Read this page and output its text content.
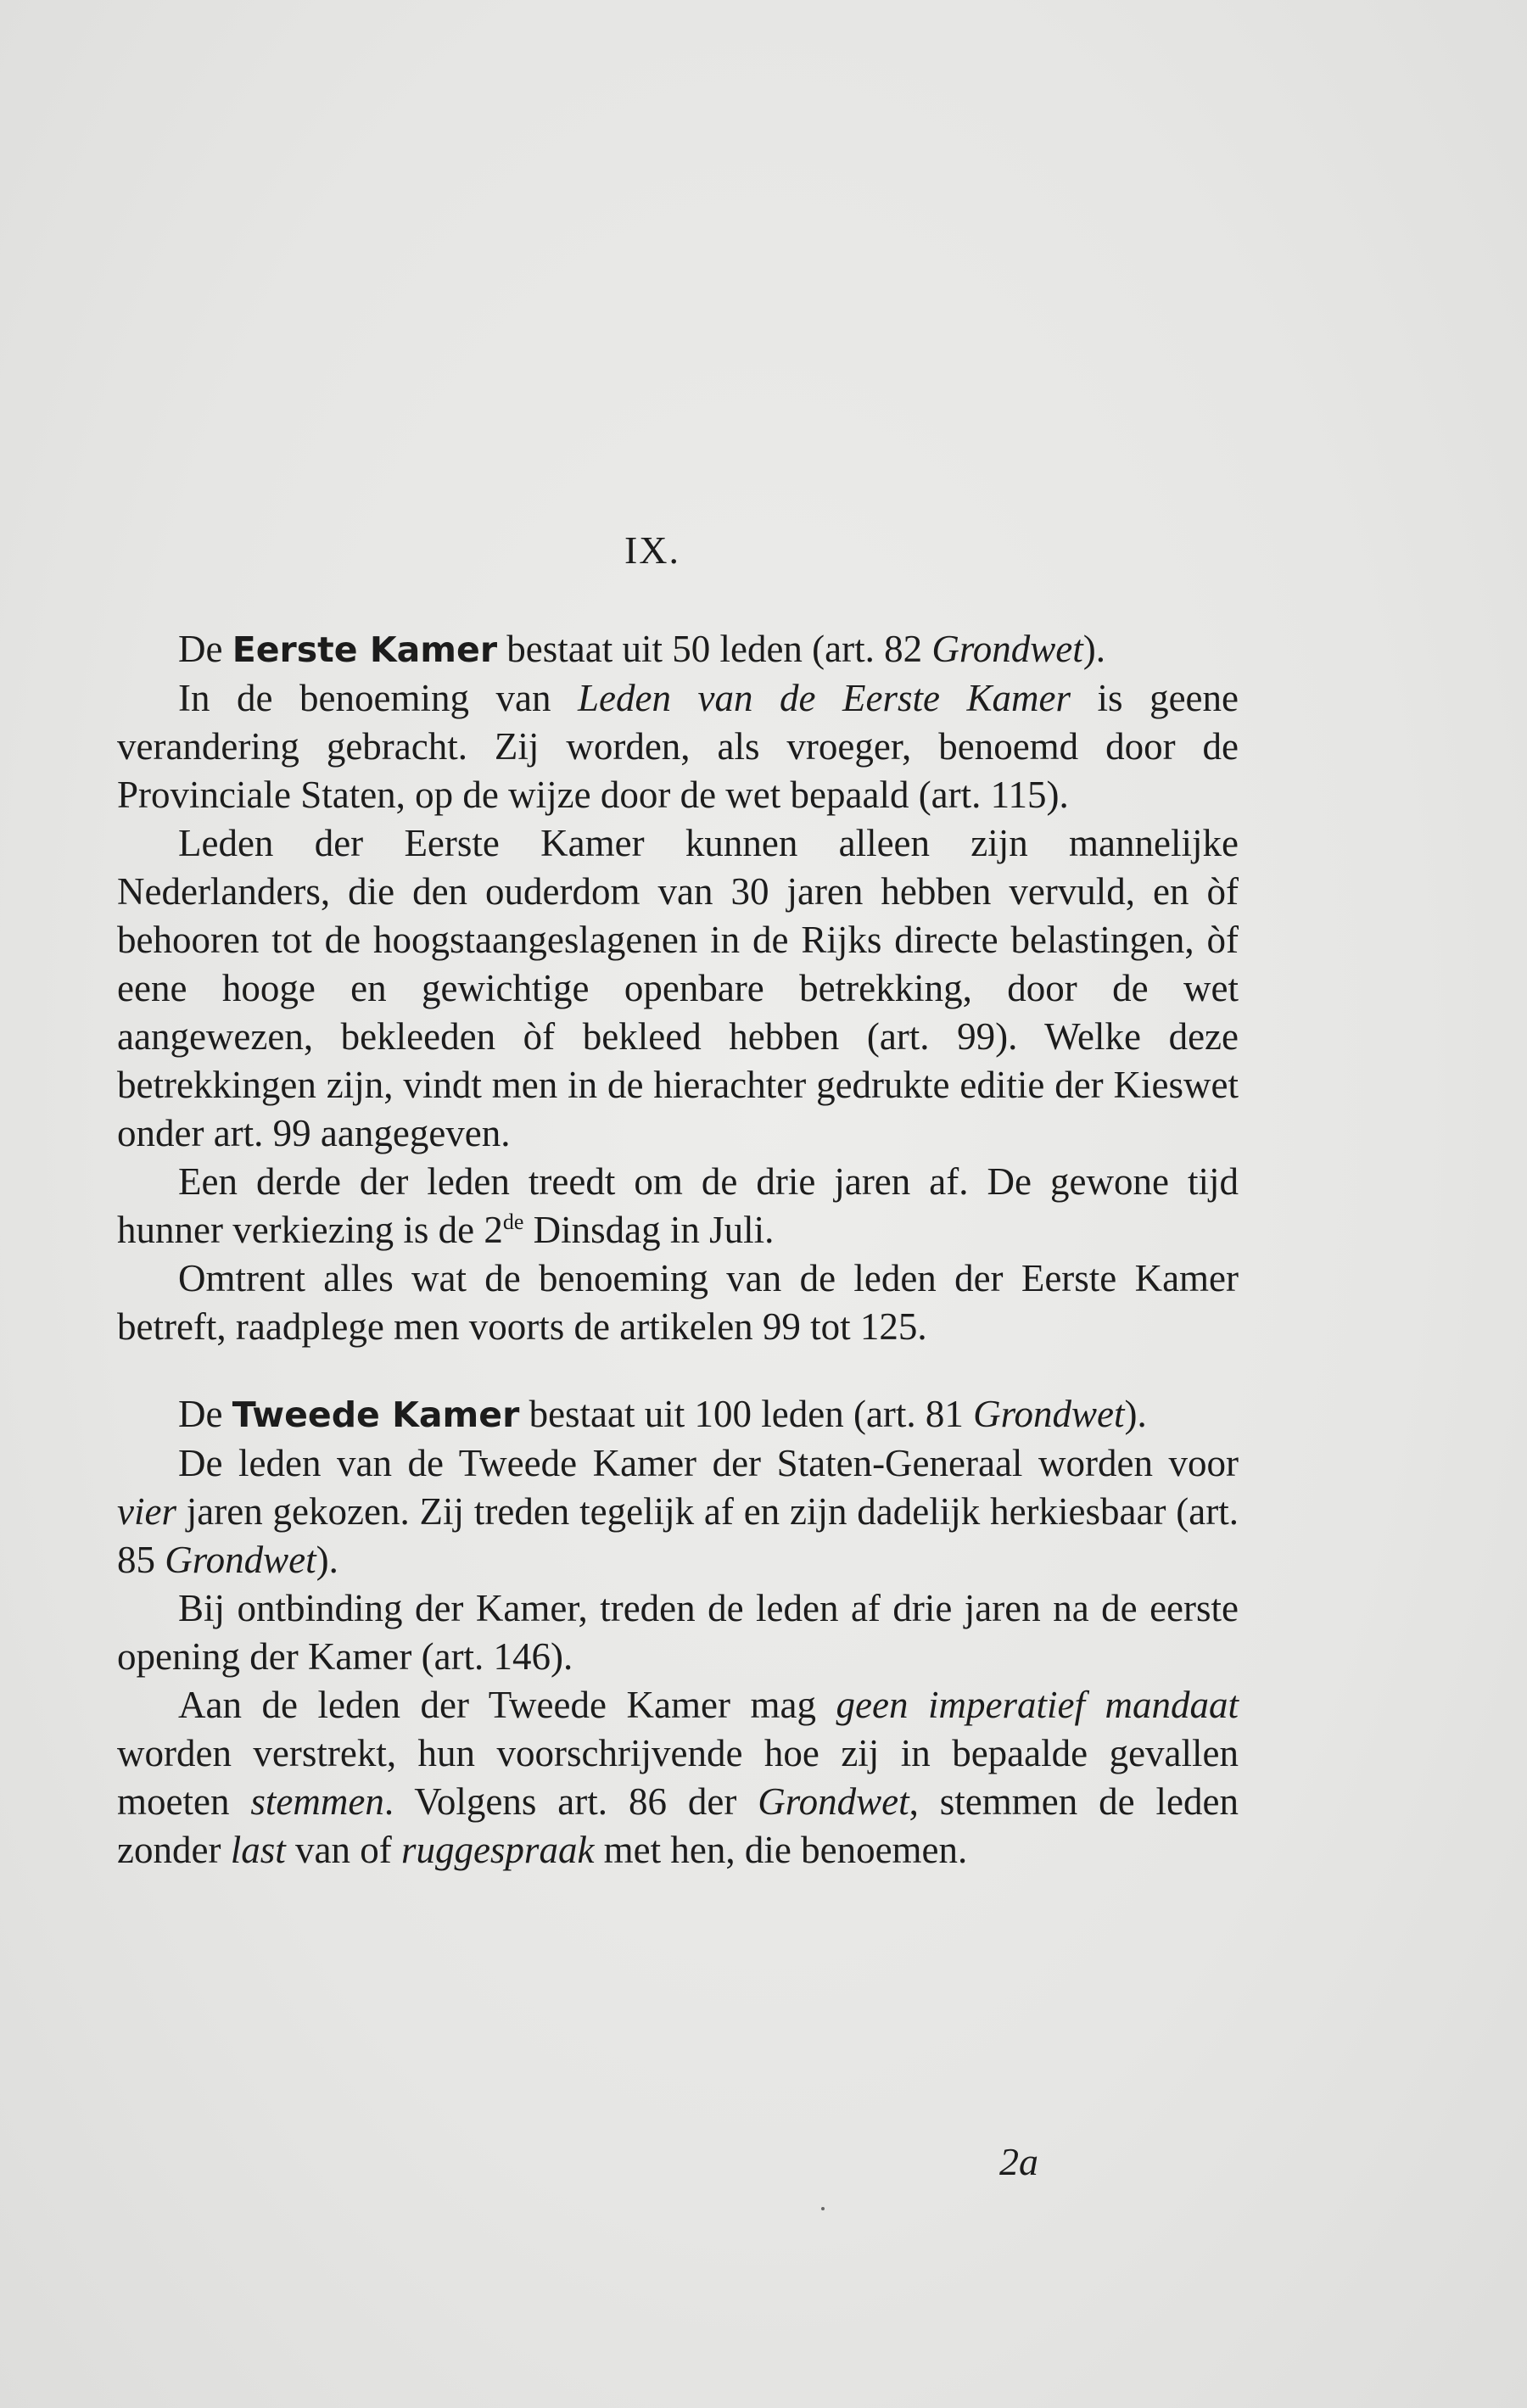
IX.

De Eerste Kamer bestaat uit 50 leden (art. 82 Grondwet).

In de benoeming van Leden van de Eerste Kamer is geene verandering gebracht. Zij worden, als vroeger, benoemd door de Provinciale Staten, op de wijze door de wet bepaald (art. 115).

Leden der Eerste Kamer kunnen alleen zijn mannelijke Nederlanders, die den ouderdom van 30 jaren hebben vervuld, en òf behooren tot de hoogstaangeslagenen in de Rijks directe belastingen, òf eene hooge en gewichtige openbare betrekking, door de wet aangewezen, bekleeden òf bekleed hebben (art. 99). Welke deze betrekkingen zijn, vindt men in de hierachter gedrukte editie der Kieswet onder art. 99 aangegeven.

Een derde der leden treedt om de drie jaren af. De gewone tijd hunner verkiezing is de 2de Dinsdag in Juli.

Omtrent alles wat de benoeming van de leden der Eerste Kamer betreft, raadplege men voorts de artikelen 99 tot 125.

De Tweede Kamer bestaat uit 100 leden (art. 81 Grondwet).

De leden van de Tweede Kamer der Staten-Generaal worden voor vier jaren gekozen. Zij treden tegelijk af en zijn dadelijk herkiesbaar (art. 85 Grondwet).

Bij ontbinding der Kamer, treden de leden af drie jaren na de eerste opening der Kamer (art. 146).

Aan de leden der Tweede Kamer mag geen imperatief mandaat worden verstrekt, hun voorschrijvende hoe zij in bepaalde gevallen moeten stemmen. Volgens art. 86 der Grondwet, stemmen de leden zonder last van of ruggespraak met hen, die benoemen.

2a
